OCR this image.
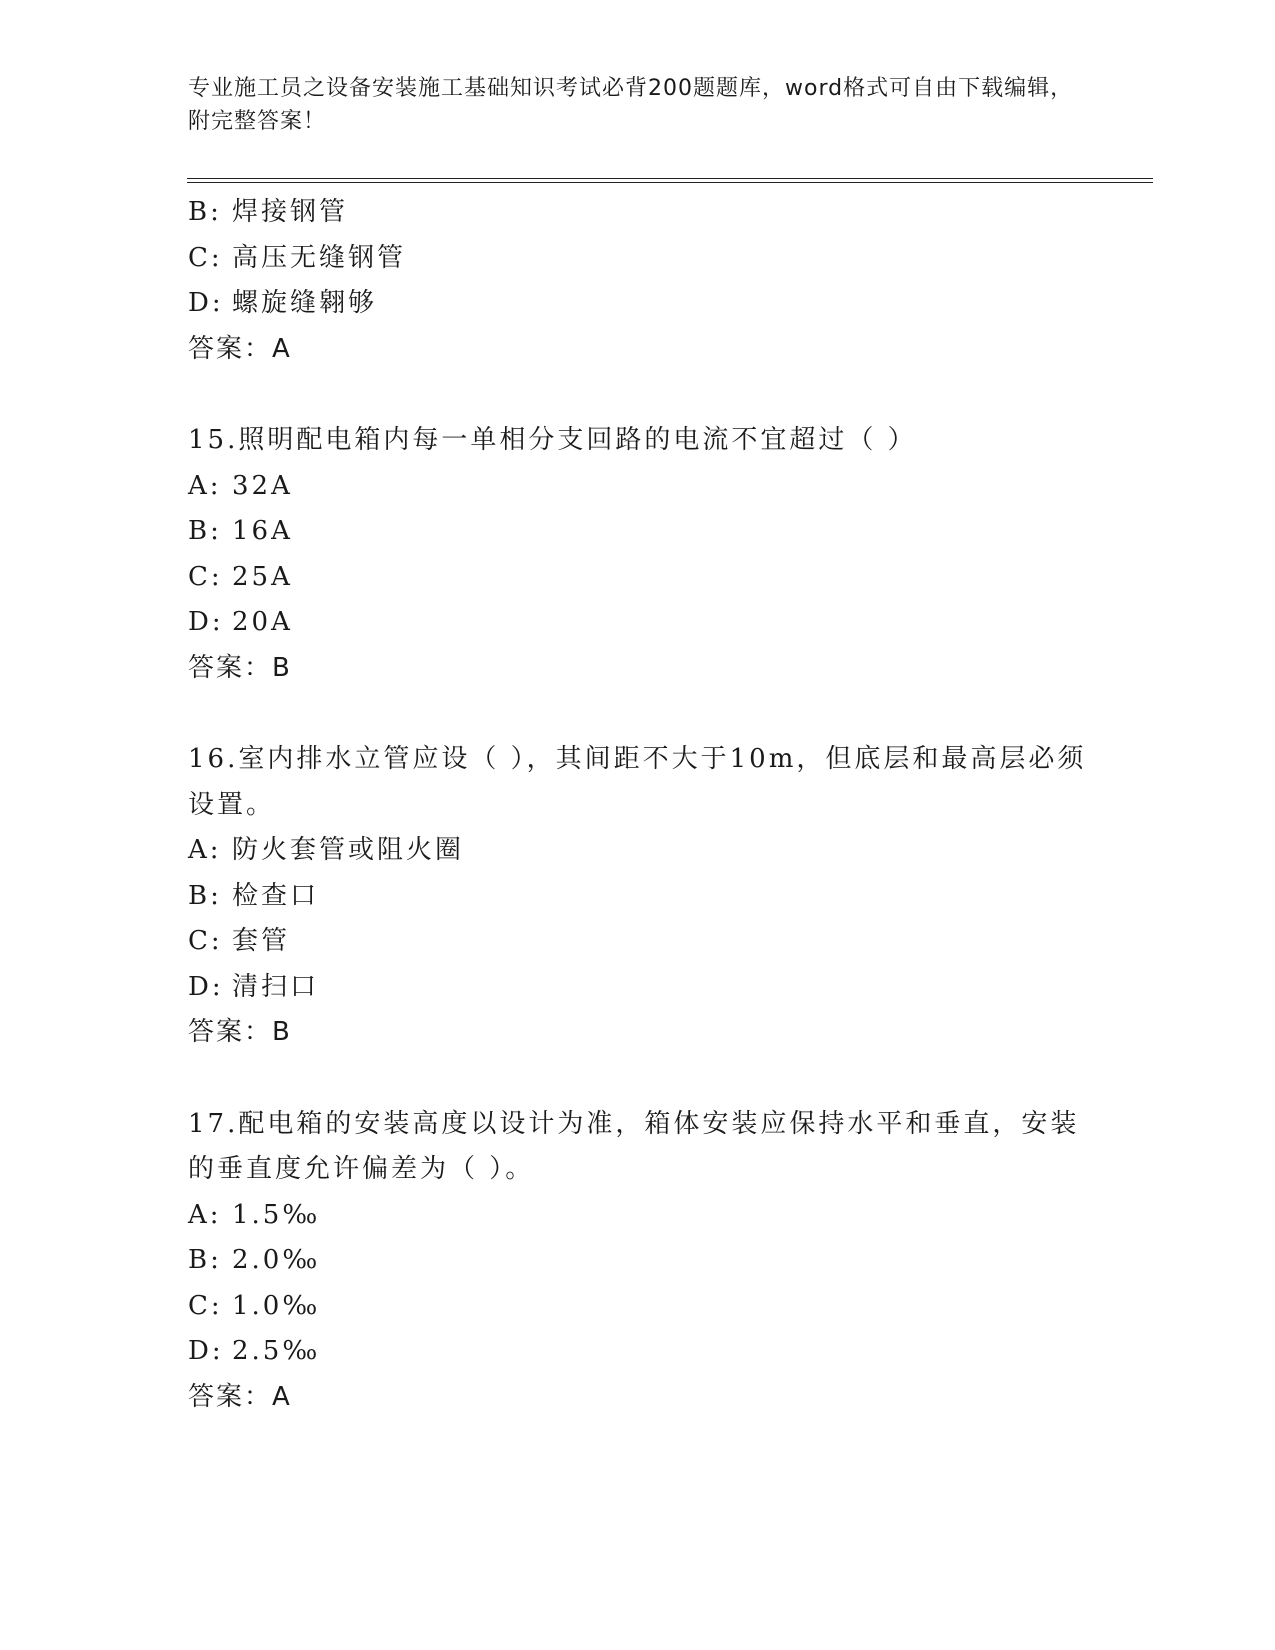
专业施工员之设备安装施工基础知识考试必背200题题库，word格式可自由下载编辑，附完整答案！
B: 焊接钢管
C: 高压无缝钢管
D: 螺旋缝翱够
答案：A
15.照明配电箱内每一单相分支回路的电流不宜超过（ ）
A: 32A
B: 16A
C: 25A
D: 20A
答案：B
16.室内排水立管应设（ ），其间距不大于10m，但底层和最高层必须设置。
A: 防火套管或阻火圈
B: 检查口
C: 套管
D: 清扫口
答案：B
17.配电箱的安装高度以设计为准，箱体安装应保持水平和垂直，安装的垂直度允许偏差为（ ）。
A: 1.5‰
B: 2.0‰
C: 1.0‰
D: 2.5‰
答案：A
